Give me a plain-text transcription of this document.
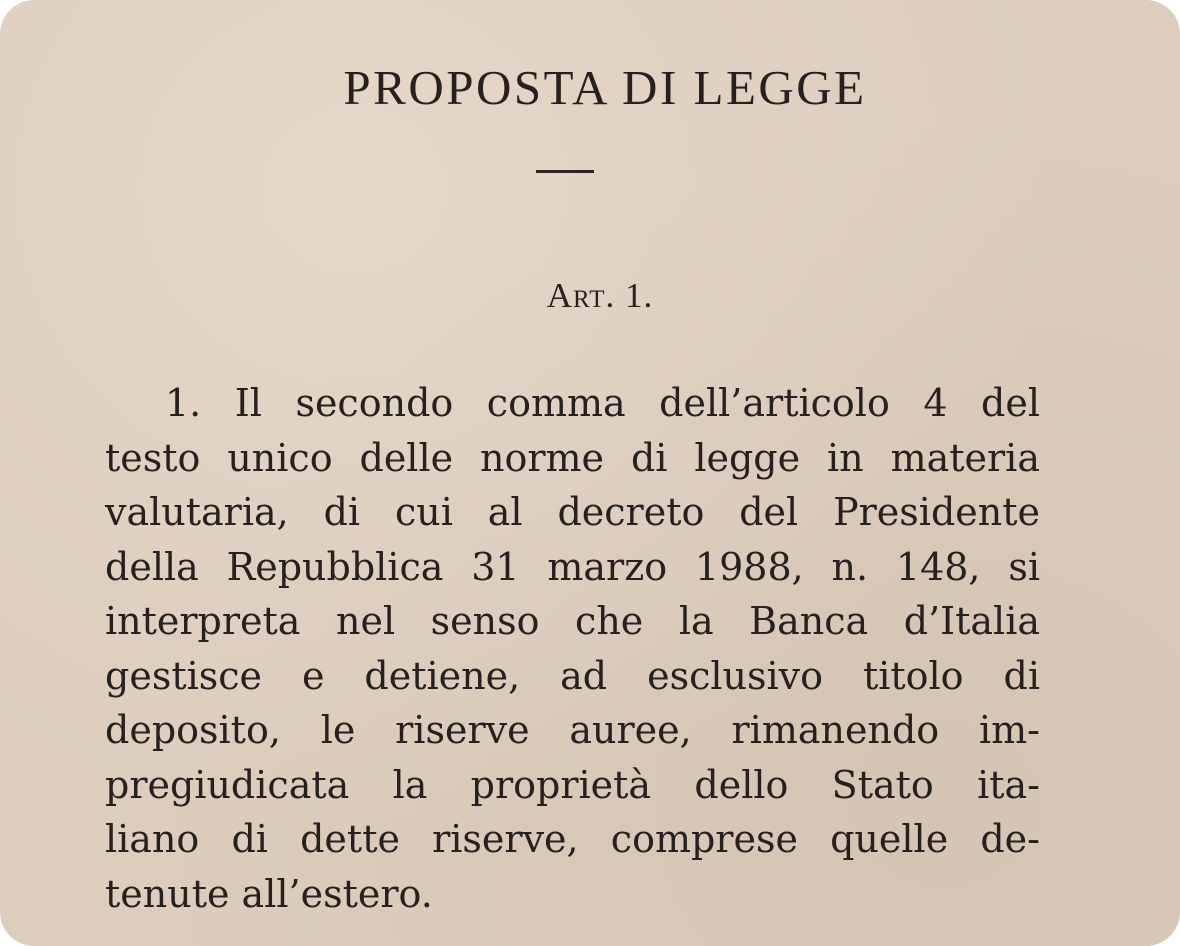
PROPOSTA DI LEGGE
Art. 1.
1. Il secondo comma dell’articolo 4 del
testo unico delle norme di legge in materia
valutaria, di cui al decreto del Presidente
della Repubblica 31 marzo 1988, n. 148, si
interpreta nel senso che la Banca d’Italia
gestisce e detiene, ad esclusivo titolo di
deposito, le riserve auree, rimanendo im-
pregiudicata la proprietà dello Stato ita-
liano di dette riserve, comprese quelle de-
tenute all’estero.
